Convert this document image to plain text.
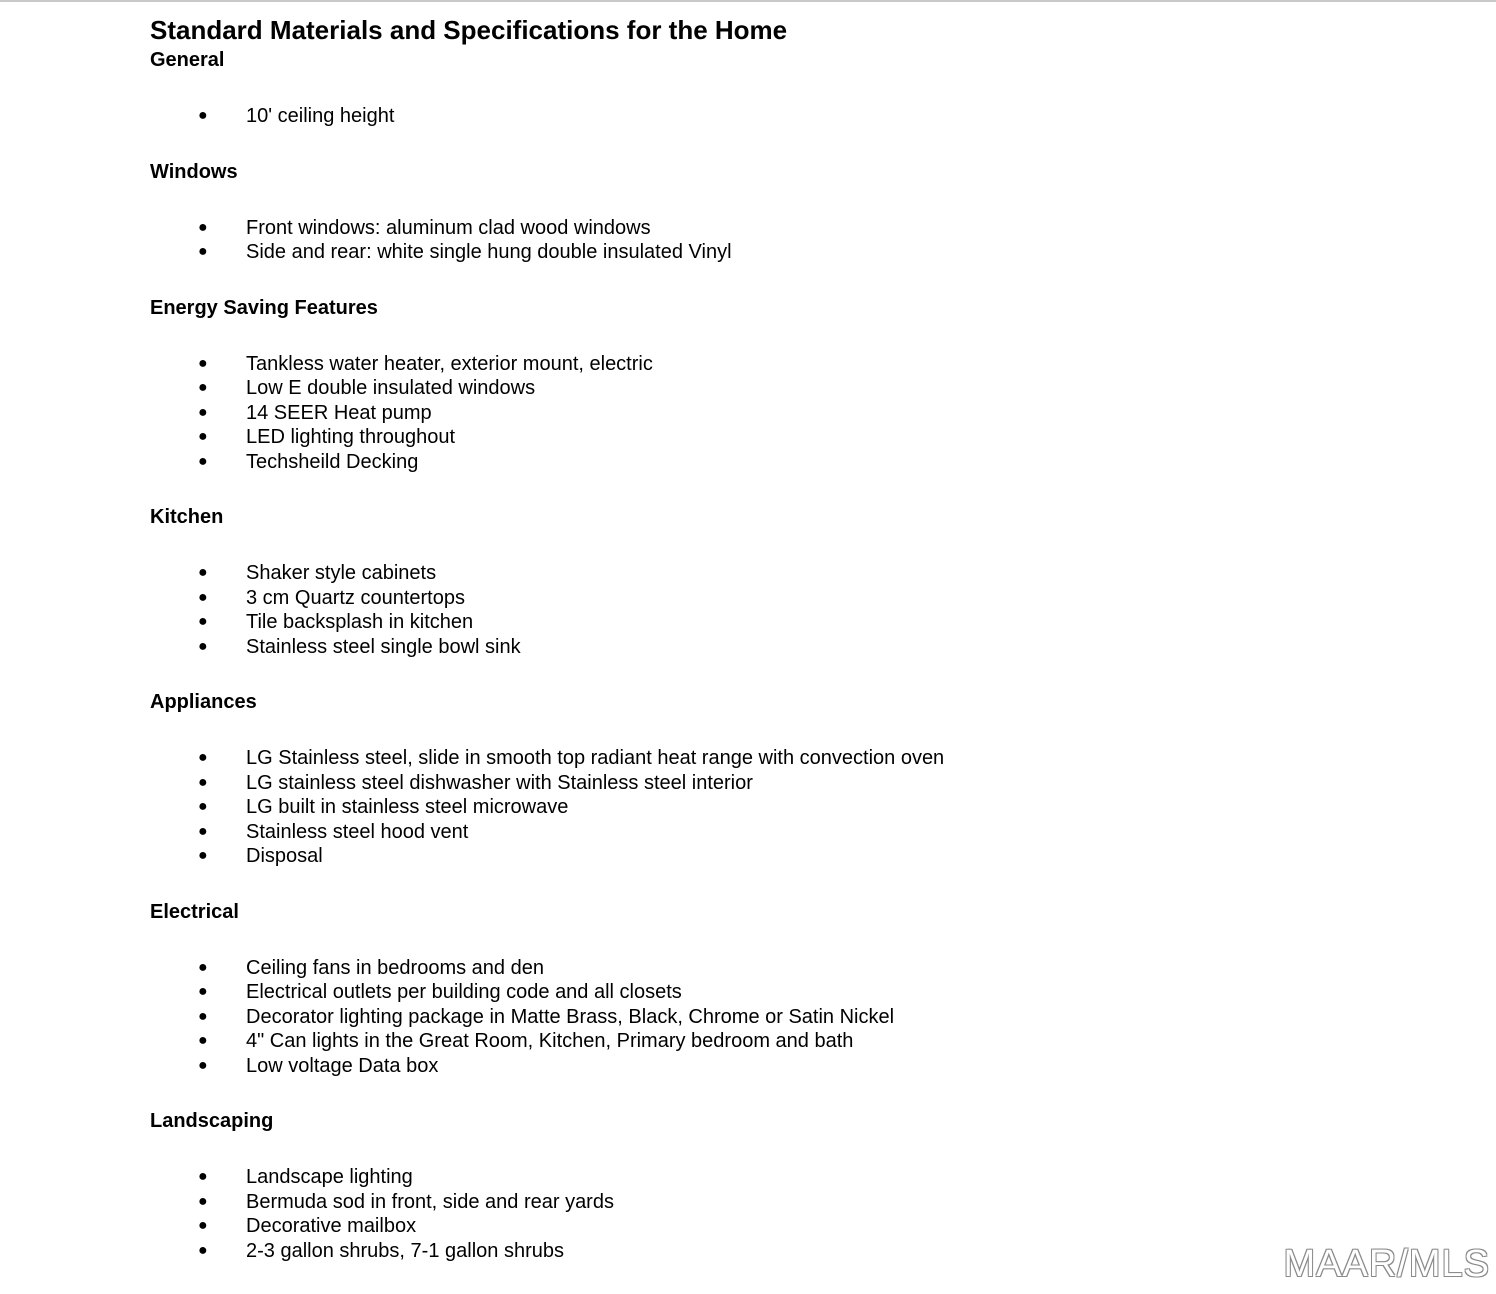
Standard Materials and Specifications for the Home
General
● 10' ceiling height
Windows
● Front windows: aluminum clad wood windows
● Side and rear: white single hung double insulated Vinyl
Energy Saving Features
● Tankless water heater, exterior mount, electric
● Low E double insulated windows
● 14 SEER Heat pump
● LED lighting throughout
● Techsheild Decking
Kitchen
● Shaker style cabinets
● 3 cm Quartz countertops
● Tile backsplash in kitchen
● Stainless steel single bowl sink
Appliances
● LG Stainless steel, slide in smooth top radiant heat range with convection oven
● LG stainless steel dishwasher with Stainless steel interior
● LG built in stainless steel microwave
● Stainless steel hood vent
● Disposal
Electrical
● Ceiling fans in bedrooms and den
● Electrical outlets per building code and all closets
● Decorator lighting package in Matte Brass, Black, Chrome or Satin Nickel
● 4" Can lights in the Great Room, Kitchen, Primary bedroom and bath
● Low voltage Data box
Landscaping
● Landscape lighting
● Bermuda sod in front, side and rear yards
● Decorative mailbox
● 2-3 gallon shrubs, 7-1 gallon shrubs	MAAR/MLS
